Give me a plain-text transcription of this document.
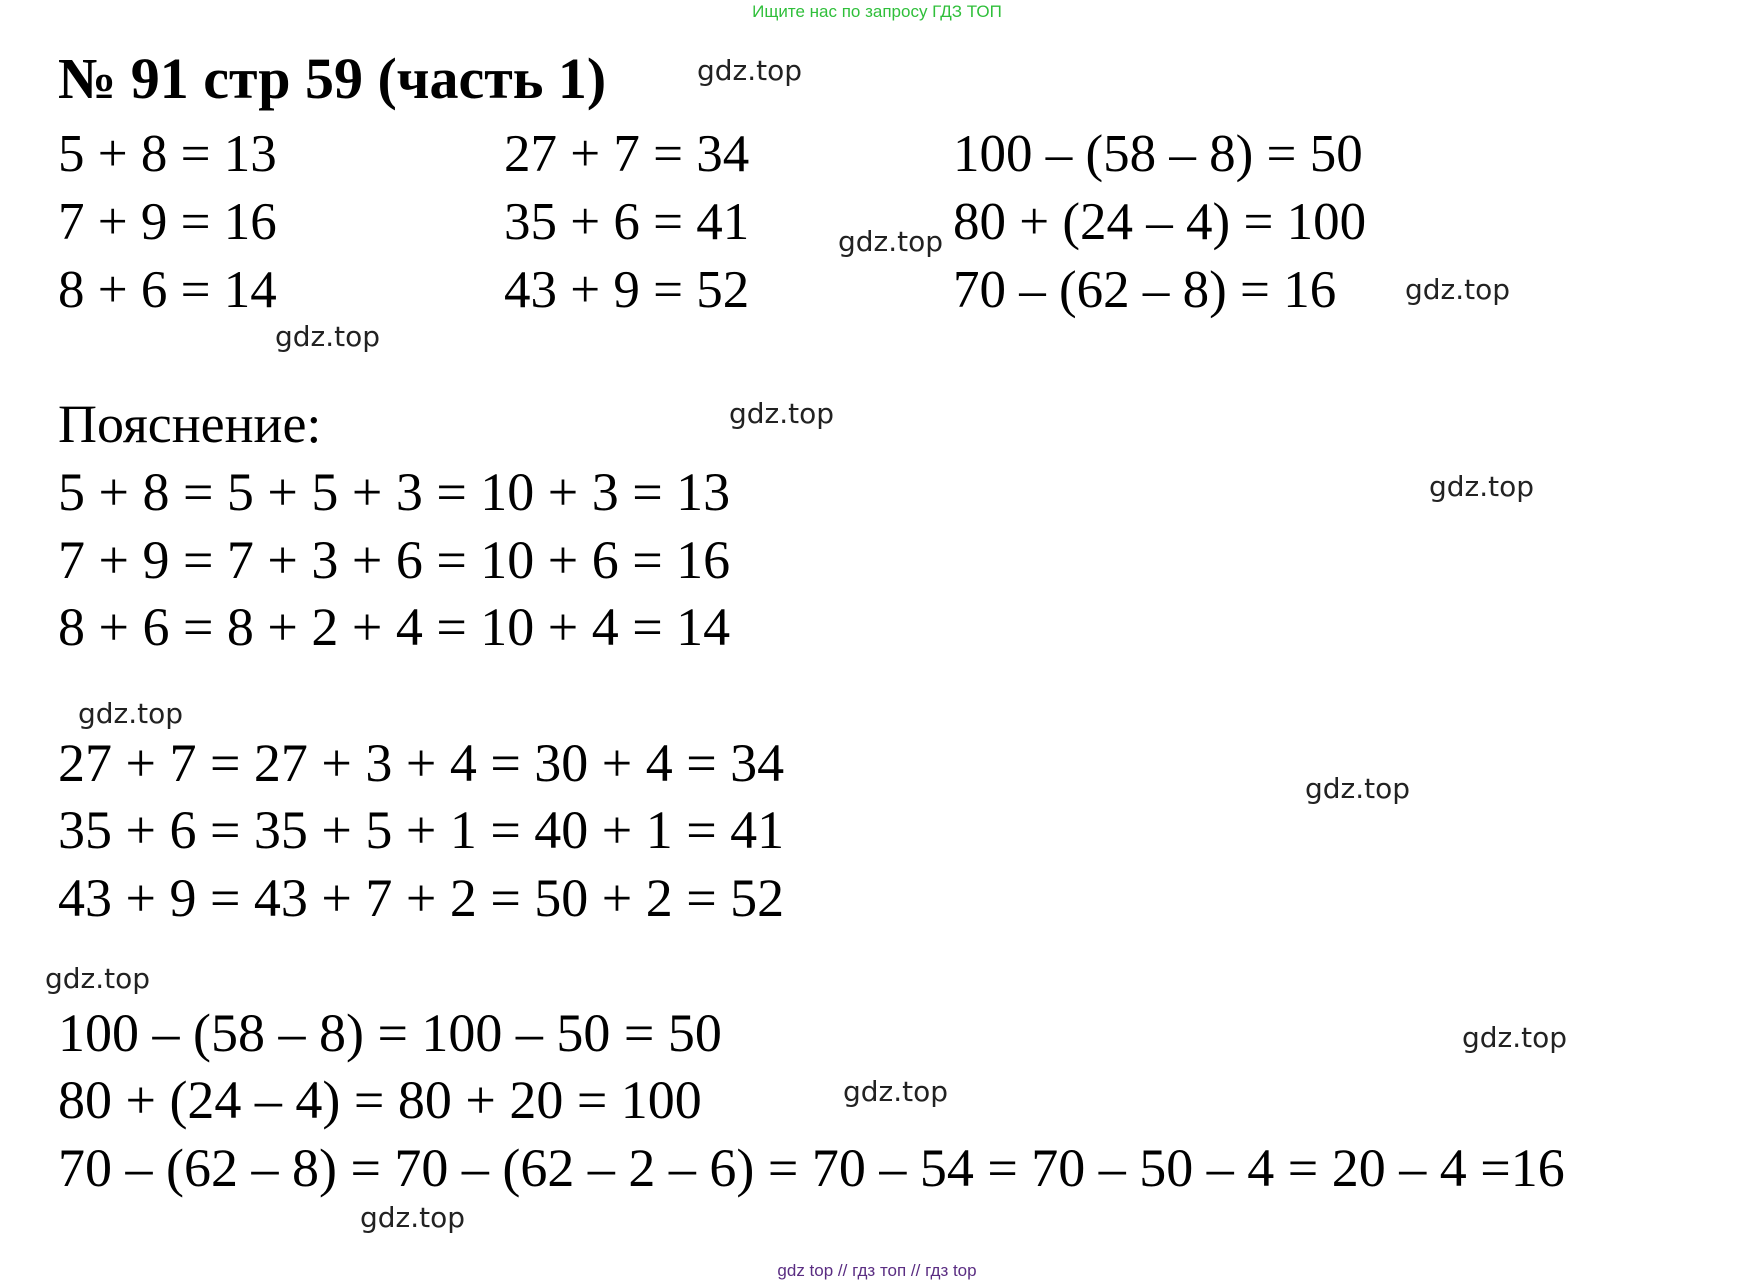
Ищите нас по запросу ГДЗ ТОП
№ 91 стр 59 (часть 1)

5 + 8 = 13

7 + 9 = 16

8 + 6 = 14

27 + 7 = 34

35 + 6 = 41

43 + 9 = 52

100 – (58 – 8) = 50

80 + (24 – 4) = 100

70 – (62 – 8) = 16

Пояснение:

5 + 8 = 5 + 5 + 3 = 10 + 3 = 13

7 + 9 = 7 + 3 + 6 = 10 + 6 = 16

8 + 6 = 8 + 2 + 4 = 10 + 4 = 14

27 + 7 = 27 + 3 + 4 = 30 + 4 = 34

35 + 6 = 35 + 5 + 1 = 40 + 1 = 41

43 + 9 = 43 + 7 + 2 = 50 + 2 = 52

100 – (58 – 8) = 100 – 50 = 50

80 + (24 – 4) = 80 + 20 = 100

70 – (62 – 8) = 70 – (62 – 2 – 6) = 70 – 54 = 70 – 50 – 4 = 20 – 4 =16

gdz.top
gdz.top
gdz.top
gdz.top
gdz.top
gdz.top
gdz.top
gdz.top
gdz.top
gdz.top
gdz.top
gdz.top
gdz top // гдз топ // гдз top
